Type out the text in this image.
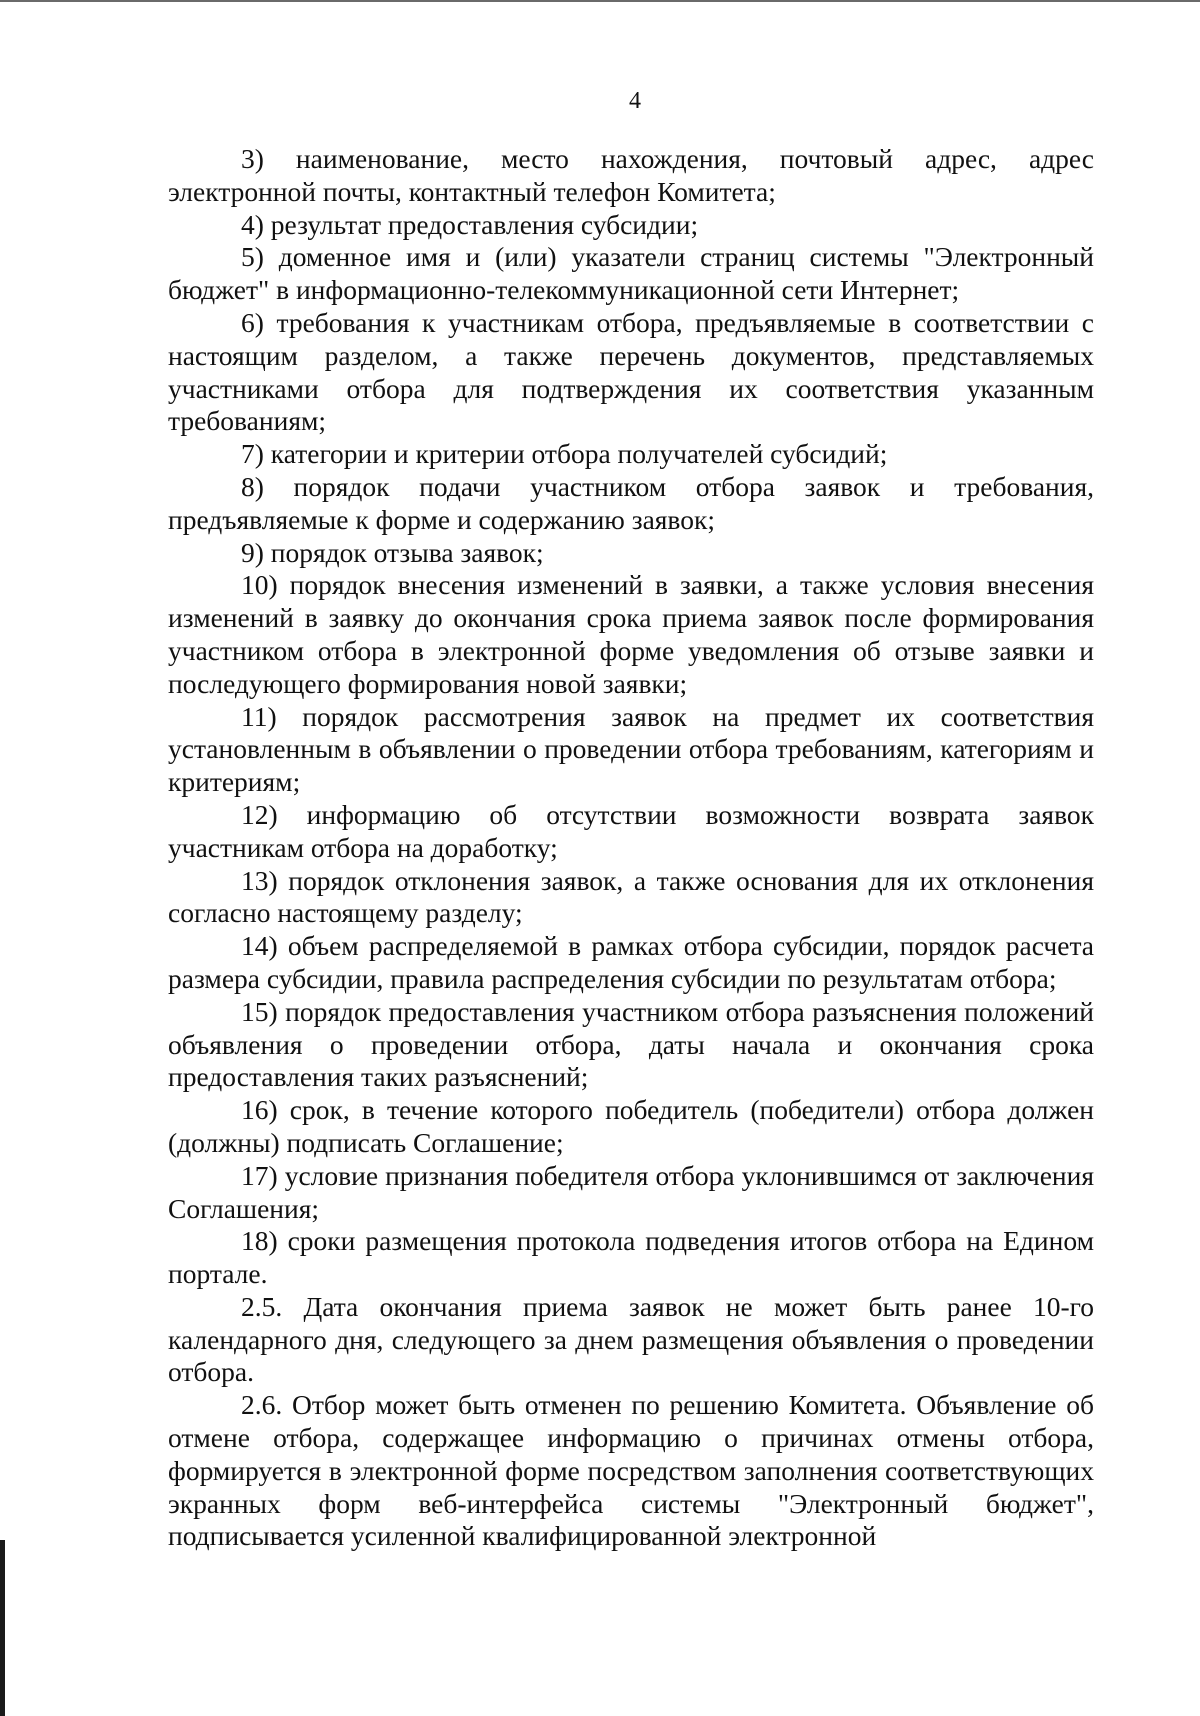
4

3) наименование, место нахождения, почтовый адрес, адрес электронной почты, контактный телефон Комитета;

4) результат предоставления субсидии;

5) доменное имя и (или) указатели страниц системы "Электронный бюджет" в информационно-телекоммуникационной сети Интернет;

6) требования к участникам отбора, предъявляемые в соответствии с настоящим разделом, а также перечень документов, представляемых участниками отбора для подтверждения их соответствия указанным требованиям;

7) категории и критерии отбора получателей субсидий;

8) порядок подачи участником отбора заявок и требования, предъявляемые к форме и содержанию заявок;

9) порядок отзыва заявок;

10) порядок внесения изменений в заявки, а также условия внесения изменений в заявку до окончания срока приема заявок после формирования участником отбора в электронной форме уведомления об отзыве заявки и последующего формирования новой заявки;

11) порядок рассмотрения заявок на предмет их соответствия установленным в объявлении о проведении отбора требованиям, категориям и критериям;

12) информацию об отсутствии возможности возврата заявок участникам отбора на доработку;

13) порядок отклонения заявок, а также основания для их отклонения согласно настоящему разделу;

14) объем распределяемой в рамках отбора субсидии, порядок расчета размера субсидии, правила распределения субсидии по результатам отбора;

15) порядок предоставления участником отбора разъяснения положений объявления о проведении отбора, даты начала и окончания срока предоставления таких разъяснений;

16) срок, в течение которого победитель (победители) отбора должен (должны) подписать Соглашение;

17) условие признания победителя отбора уклонившимся от заключения Соглашения;

18) сроки размещения протокола подведения итогов отбора на Едином портале.

2.5. Дата окончания приема заявок не может быть ранее 10-го календарного дня, следующего за днем размещения объявления о проведении отбора.

2.6. Отбор может быть отменен по решению Комитета. Объявление об отмене отбора, содержащее информацию о причинах отмены отбора, формируется в электронной форме посредством заполнения соответствующих экранных форм веб-интерфейса системы "Электронный бюджет", подписывается усиленной квалифицированной электронной
